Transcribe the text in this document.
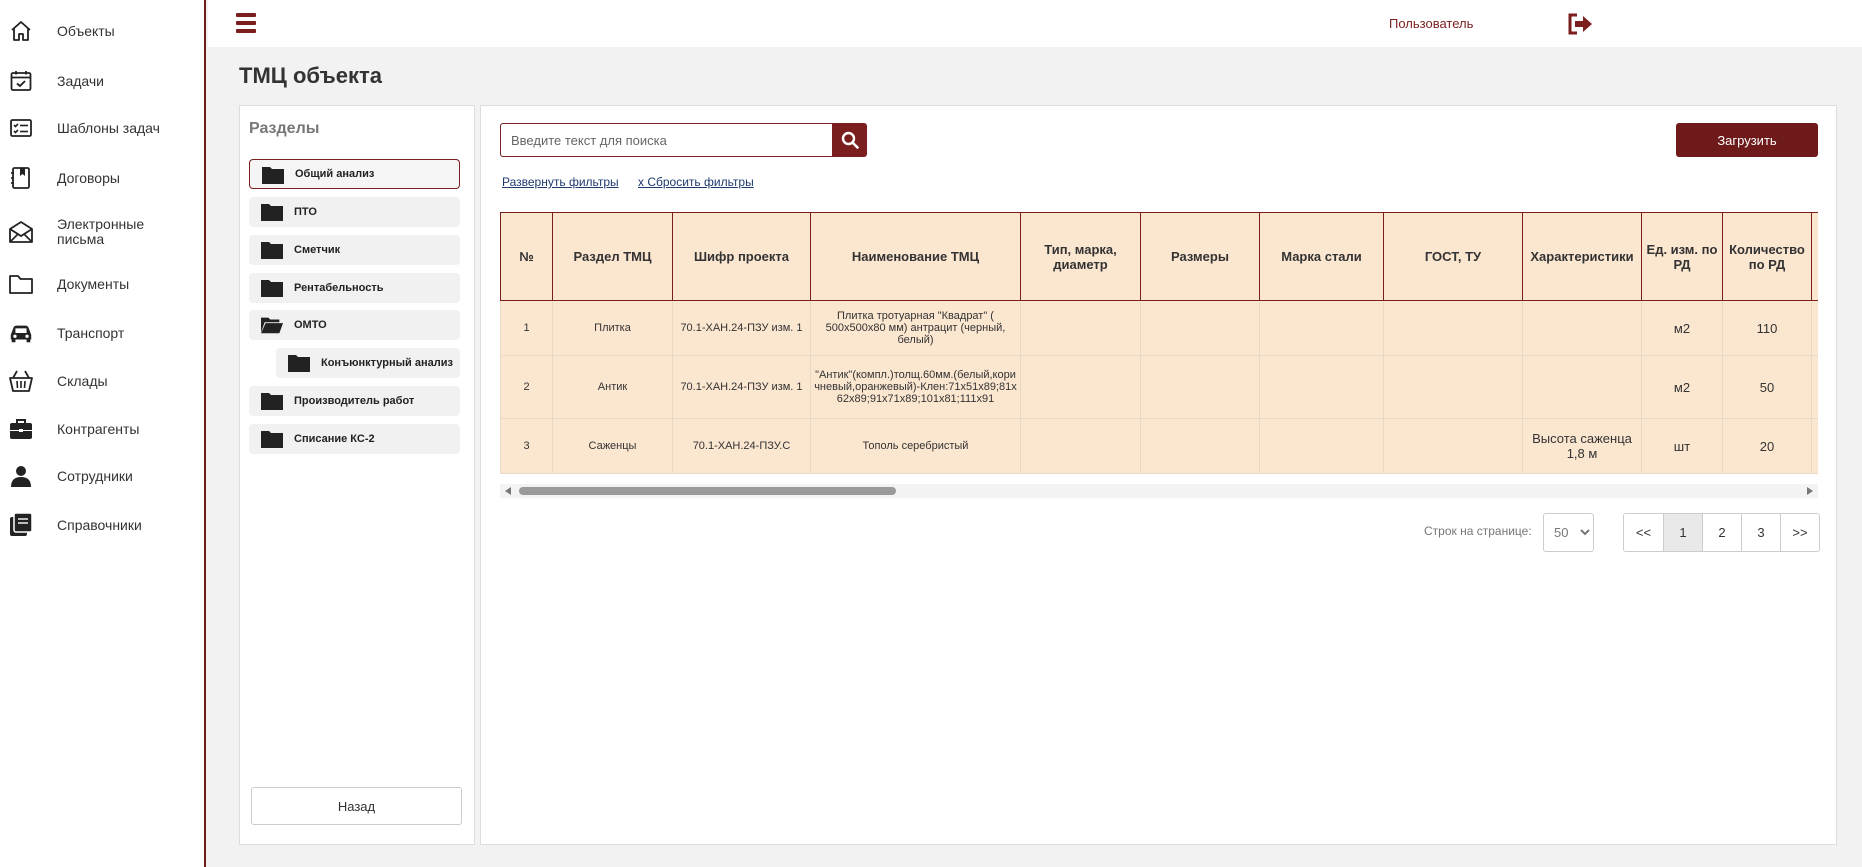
Объекты
Задачи
Шаблоны задач
Договоры
Электронные письма
Документы
Транспорт
Склады
Контрагенты
Сотрудники
Справочники
Пользователь
ТМЦ объекта
Разделы
Общий анализ
ПТО
Сметчик
Рентабельность
ОМТО
Конъюнктурный анализ
Производитель работ
Списание КС-2
Назад
Введите текст для поиска
Загрузить
Развернуть фильтры x Сбросить фильтры
№	Раздел ТМЦ	Шифр проекта	Наименование ТМЦ	Тип, марка, диаметр	Размеры	Марка стали	ГОСТ, ТУ	Характеристики	Ед. изм. по РД	Количество по РД	
1	Плитка	70.1-ХАН.24-ПЗУ изм. 1	Плитка тротуарная "Квадрат" ( 500х500х80 мм) антрацит (черный, белый)						м2	110	
2	Антик	70.1-ХАН.24-ПЗУ изм. 1	"Антик"(компл.)толщ.60мм.(белый,коричневый,оранжевый)-Клен:71х51х89;81х62х89;91х71х89;101х81;111х91						м2	50	
3	Саженцы	70.1-ХАН.24-ПЗУ.С	Тополь серебристый					Высота саженца 1,8 м	шт	20	
Строк на странице:
50	<<	1	2	3	>>
